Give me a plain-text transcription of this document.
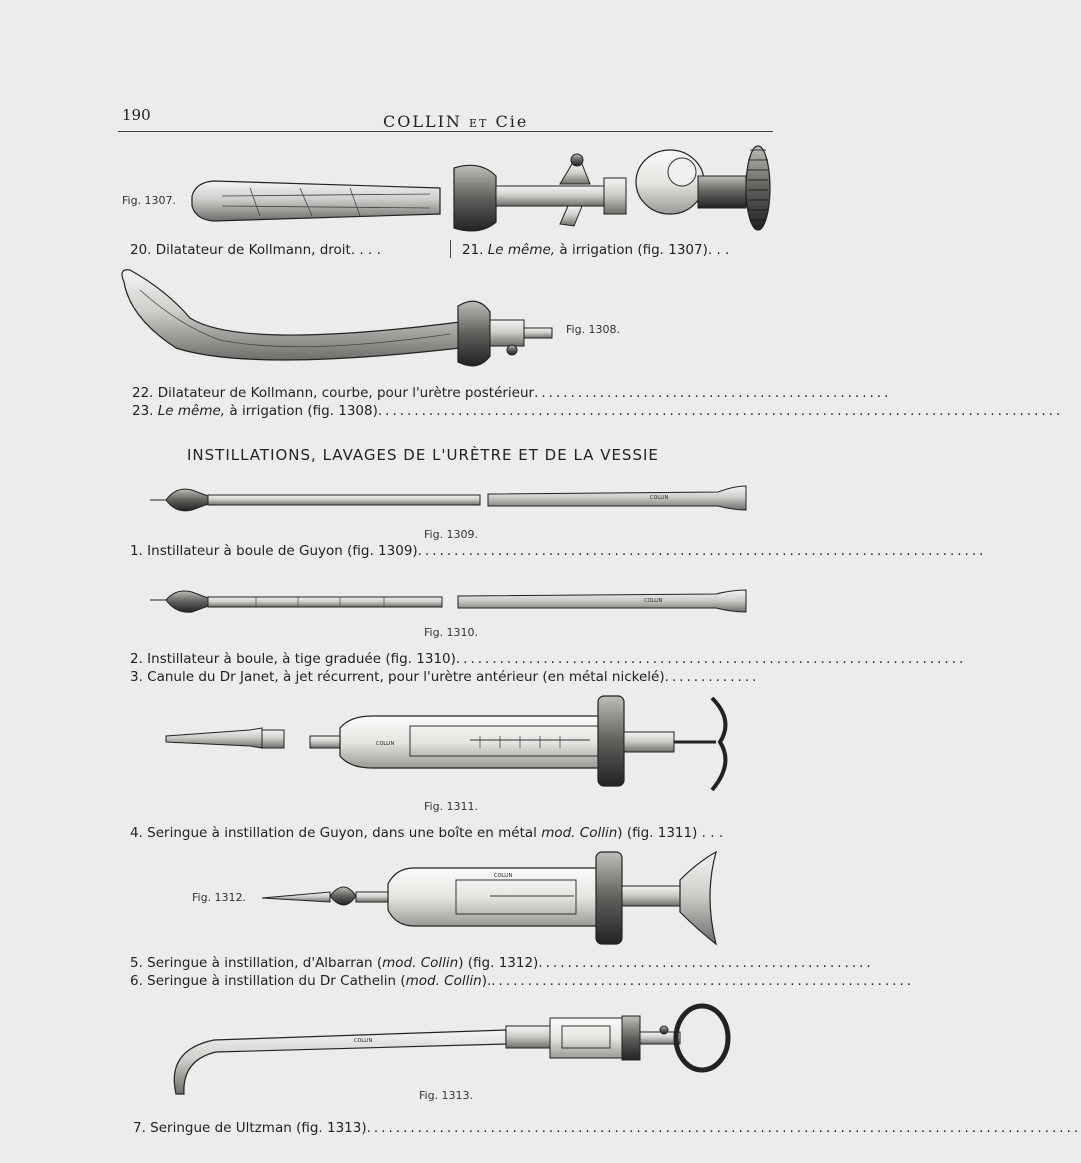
190	COLLIN ET Cie
COLLIN
COLLIN
COLLIN
COLLIN
COLLIN
Fig. 1307.
Fig. 1308.
Fig. 1309.
Fig. 1310.
Fig. 1311.
Fig. 1312.
Fig. 1313.
20. Dilatateur de Kollmann, droit. . . .	21. Le même, à irrigation (fig. 1307). . .
22. Dilatateur de Kollmann, courbe, pour l'urètre postérieur.................................................
23. Le même, à irrigation (fig. 1308)..............................................................................................
INSTILLATIONS, LAVAGES DE L'URÈTRE ET DE LA VESSIE
1. Instillateur à boule de Guyon (fig. 1309)..............................................................................
2. Instillateur à boule, à tige graduée (fig. 1310)......................................................................
3. Canule du Dr Janet, à jet récurrent, pour l'urètre antérieur (en métal nickelé).............
4. Seringue à instillation de Guyon, dans une boîte en métal mod. Collin) (fig. 1311) . . .
5. Seringue à instillation, d'Albarran (mod. Collin) (fig. 1312)..............................................
6. Seringue à instillation du Dr Cathelin (mod. Collin)...........................................................
7. Seringue de Ultzman (fig. 1313)..................................................................................................
